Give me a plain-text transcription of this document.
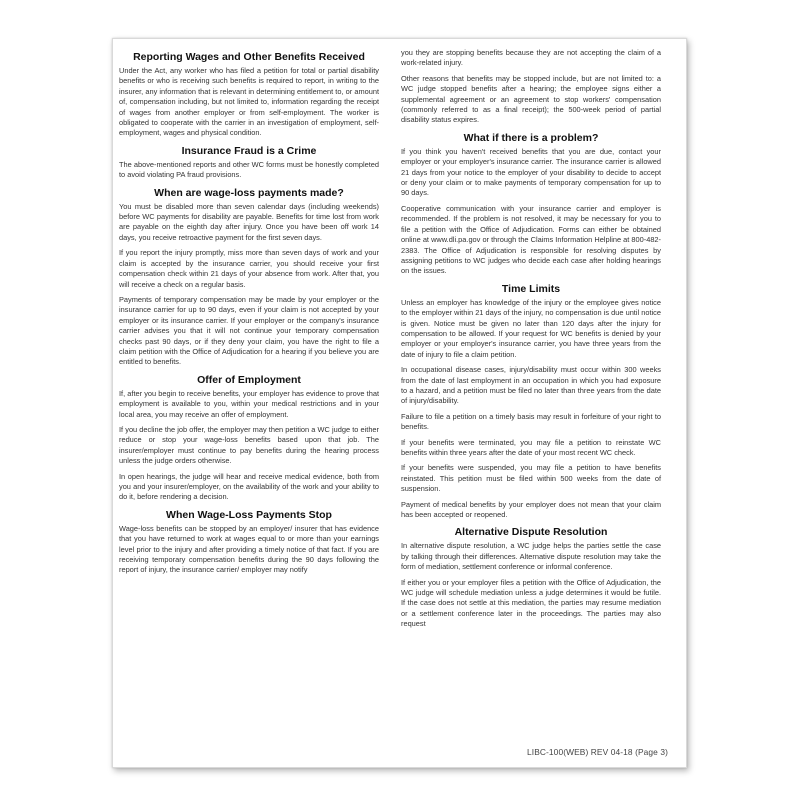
Reporting Wages and Other Benefits Received

Under the Act, any worker who has filed a petition for total or partial disability benefits or who is receiving such benefits is required to report, in writing to the insurer, any information that is relevant in determining entitlement to, or amount of, compensation including, but not limited to, information regarding the receipt of wages from another employer or from self-employment. The worker is obligated to cooperate with the carrier in an investigation of employment, self-employment, wages and physical condition.

Insurance Fraud is a Crime

The above-mentioned reports and other WC forms must be honestly completed to avoid violating PA fraud provisions.

When are wage-loss payments made?

You must be disabled more than seven calendar days (including weekends) before WC payments for disability are payable. Benefits for time lost from work are payable on the eighth day after injury. Once you have been off work 14 days, you receive retroactive payment for the first seven days.

If you report the injury promptly, miss more than seven days of work and your claim is accepted by the insurance carrier, you should receive your first compensation check within 21 days of your absence from work. After that, you will receive a check on a regular basis.

Payments of temporary compensation may be made by your employer or the insurance carrier for up to 90 days, even if your claim is not accepted by your employer or its insurance carrier. If your employer or the company's insurance carrier advises you that it will not continue your temporary compensation checks past 90 days, or if they deny your claim, you have the right to file a claim petition with the Office of Adjudication for a hearing if you believe you are entitled to benefits.

Offer of Employment

If, after you begin to receive benefits, your employer has evidence to prove that employment is available to you, within your medical restrictions and in your local area, you may receive an offer of employment.

If you decline the job offer, the employer may then petition a WC judge to either reduce or stop your wage-loss benefits based upon that job. The insurer/employer must continue to pay benefits during the hearing process unless the judge orders otherwise.

In open hearings, the judge will hear and receive medical evidence, both from you and your insurer/employer, on the availability of the work and your ability to do it, before rendering a decision.

When Wage-Loss Payments Stop

Wage-loss benefits can be stopped by an employer/ insurer that has evidence that you have returned to work at wages equal to or more than your earnings level prior to the injury and after providing a timely notice of that fact. If you are receiving temporary compensation benefits during the 90 days following the report of injury, the insurance carrier/ employer may notify

you they are stopping benefits because they are not accepting the claim of a work-related injury.

Other reasons that benefits may be stopped include, but are not limited to: a WC judge stopped benefits after a hearing; the employee signs either a supplemental agreement or an agreement to stop workers' compensation (commonly referred to as a final receipt); the 500-week period of partial disability status expires.

What if there is a problem?

If you think you haven't received benefits that you are due, contact your employer or your employer's insurance carrier. The insurance carrier is allowed 21 days from your notice to the employer of your disability to decide to accept or deny your claim or to make payments of temporary compensation for up to 90 days.

Cooperative communication with your insurance carrier and employer is recommended. If the problem is not resolved, it may be necessary for you to file a petition with the Office of Adjudication. Forms can either be obtained online at www.dli.pa.gov or through the Claims Information Helpline at 800-482-2383. The Office of Adjudication is responsible for resolving disputes by assigning petitions to WC judges who decide each case after holding hearings on the issues.

Time Limits

Unless an employer has knowledge of the injury or the employee gives notice to the employer within 21 days of the injury, no compensation is due until notice is given. Notice must be given no later than 120 days after the injury for compensation to be allowed. If your request for WC benefits is denied by your employer or your employer's insurance carrier, you have three years from the date of injury to file a claim petition.

In occupational disease cases, injury/disability must occur within 300 weeks from the date of last employment in an occupation in which you had exposure to a hazard, and a petition must be filed no later than three years from the date of injury/disability.

Failure to file a petition on a timely basis may result in forfeiture of your right to benefits.

If your benefits were terminated, you may file a petition to reinstate WC benefits within three years after the date of your most recent WC check.

If your benefits were suspended, you may file a petition to have benefits reinstated. This petition must be filed within 500 weeks from the date of suspension.

Payment of medical benefits by your employer does not mean that your claim has been accepted or reopened.

Alternative Dispute Resolution

In alternative dispute resolution, a WC judge helps the parties settle the case by talking through their differences. Alternative dispute resolution may take the form of mediation, settlement conference or informal conference.

If either you or your employer files a petition with the Office of Adjudication, the WC judge will schedule mediation unless a judge determines it would be futile. If the case does not settle at this mediation, the parties may resume mediation or a settlement conference later in the proceedings. The parties may also request

LIBC-100(WEB) REV 04-18 (Page 3)
